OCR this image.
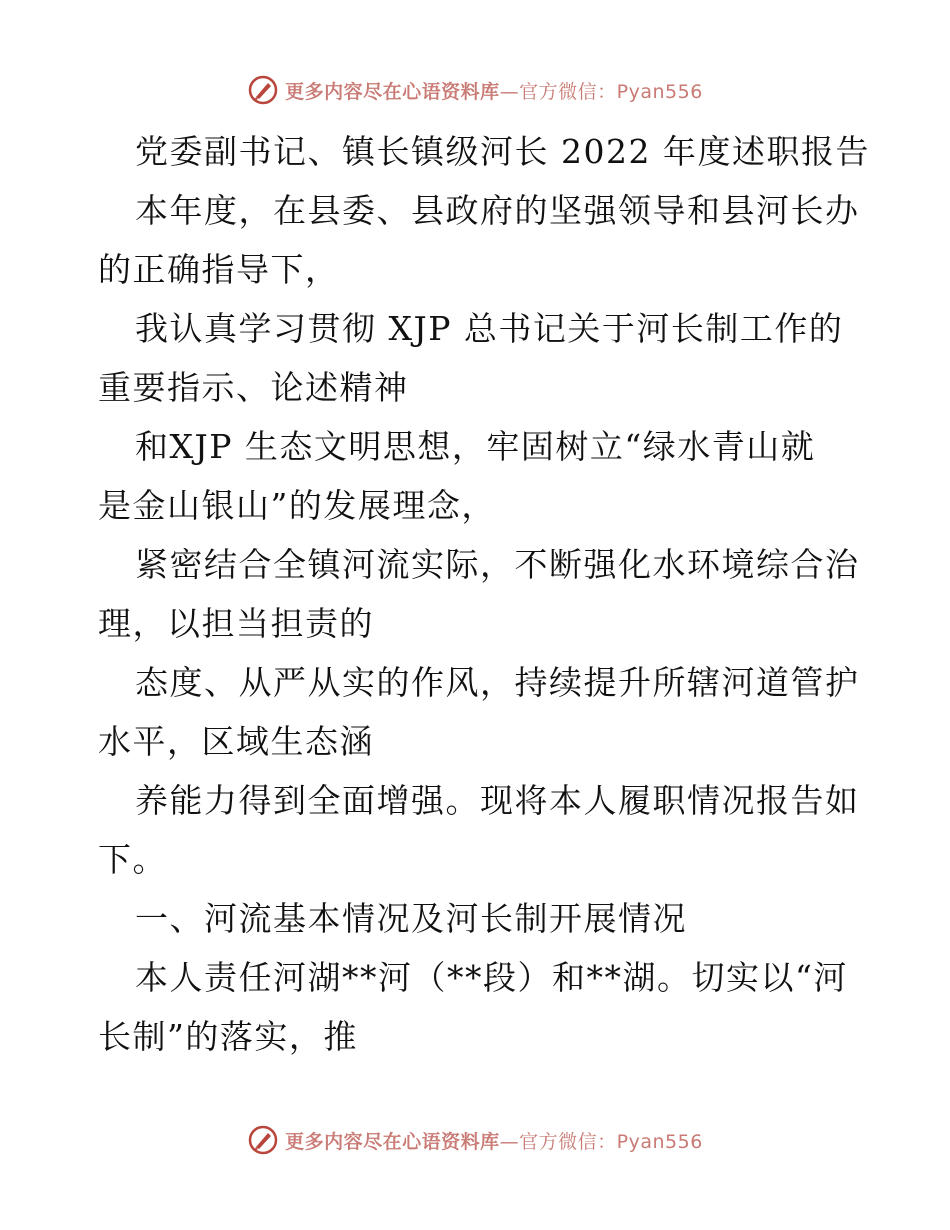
更多内容尽在心语资料库—官方微信：Pyan556

党委副书记、镇长镇级河长 2022 年度述职报告

本年度，在县委、县政府的坚强领导和县河长办

的正确指导下，

我认真学习贯彻 XJP 总书记关于河长制工作的

重要指示、论述精神

和XJP 生态文明思想，牢固树立“绿水青山就

是金山银山”的发展理念，

紧密结合全镇河流实际，不断强化水环境综合治

理，以担当担责的

态度、从严从实的作风，持续提升所辖河道管护

水平，区域生态涵

养能力得到全面增强。现将本人履职情况报告如

下。

一、河流基本情况及河长制开展情况

本人责任河湖**河（**段）和**湖。切实以“河

长制”的落实，推

更多内容尽在心语资料库—官方微信：Pyan556
